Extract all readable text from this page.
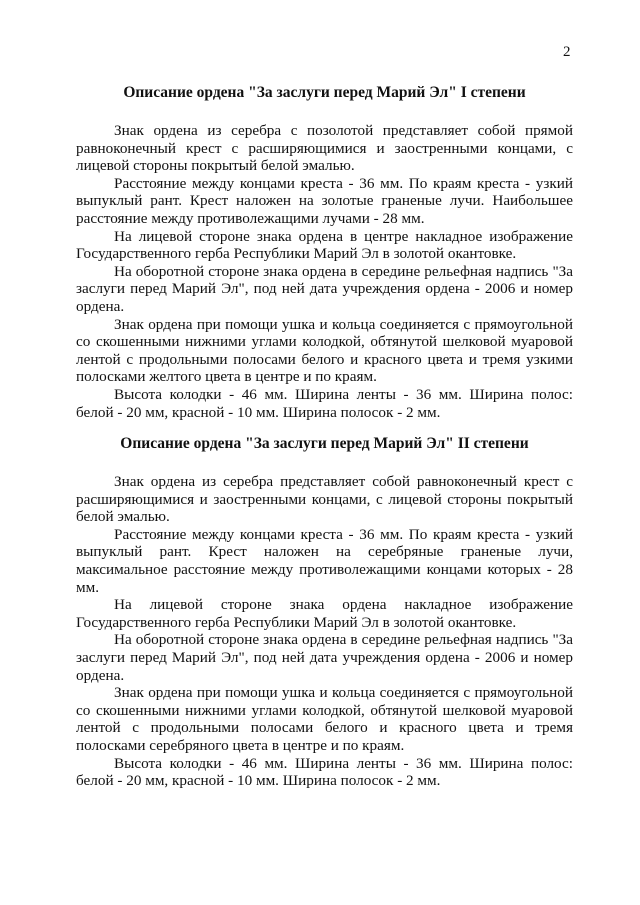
2
Описание ордена "За заслуги перед Марий Эл" I степени

Знак ордена из серебра с позолотой представляет собой прямой равноконечный крест с расширяющимися и заостренными концами, с лицевой стороны покрытый белой эмалью.

Расстояние между концами креста - 36 мм. По краям креста - узкий выпуклый рант. Крест наложен на золотые граненые лучи. Наибольшее расстояние между противолежащими лучами - 28 мм.

На лицевой стороне знака ордена в центре накладное изображение Государственного герба Республики Марий Эл в золотой окантовке.

На оборотной стороне знака ордена в середине рельефная надпись "За заслуги перед Марий Эл", под ней дата учреждения ордена - 2006 и номер ордена.

Знак ордена при помощи ушка и кольца соединяется с прямоугольной со скошенными нижними углами колодкой, обтянутой шелковой муаровой лентой с продольными полосами белого и красного цвета и тремя узкими полосками желтого цвета в центре и по краям.

Высота колодки - 46 мм. Ширина ленты - 36 мм. Ширина полос: белой - 20 мм, красной - 10 мм. Ширина полосок - 2 мм.

Описание ордена "За заслуги перед Марий Эл" II степени

Знак ордена из серебра представляет собой равноконечный крест с расширяющимися и заостренными концами, с лицевой стороны покрытый белой эмалью.

Расстояние между концами креста - 36 мм. По краям креста - узкий выпуклый рант. Крест наложен на серебряные граненые лучи, максимальное расстояние между противолежащими концами которых - 28 мм.

На лицевой стороне знака ордена накладное изображение Государственного герба Республики Марий Эл в золотой окантовке.

На оборотной стороне знака ордена в середине рельефная надпись "За заслуги перед Марий Эл", под ней дата учреждения ордена - 2006 и номер ордена.

Знак ордена при помощи ушка и кольца соединяется с прямоугольной со скошенными нижними углами колодкой, обтянутой шелковой муаровой лентой с продольными полосами белого и красного цвета и тремя полосками серебряного цвета в центре и по краям.

Высота колодки - 46 мм. Ширина ленты - 36 мм. Ширина полос: белой - 20 мм, красной - 10 мм. Ширина полосок - 2 мм.
